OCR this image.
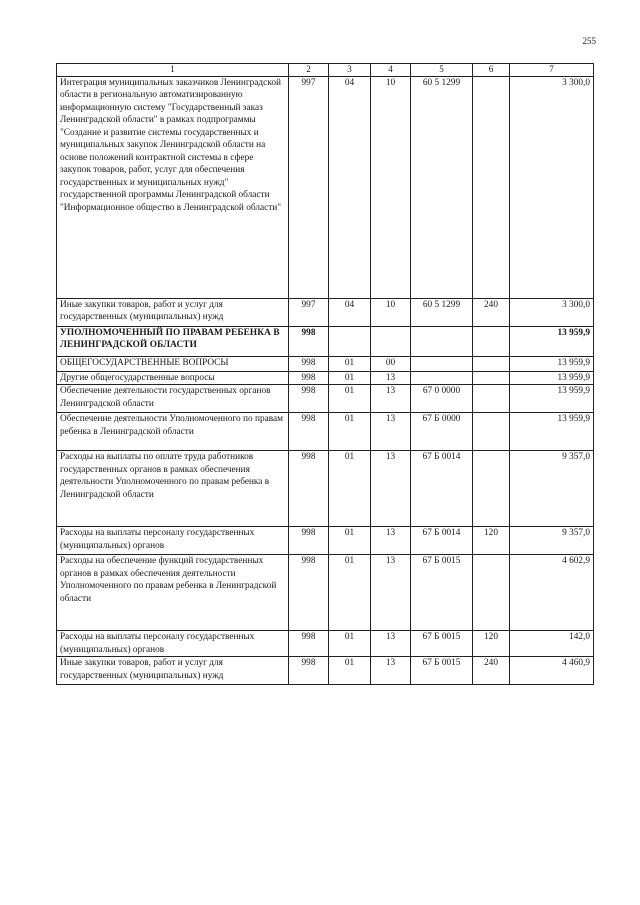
255
1	2	3	4	5	6	7
Интеграция муниципальных заказчиков Ленинградской области в региональную автоматизированную информационную систему "Государственный заказ Ленинградской области" в рамках подпрограммы "Создание и развитие системы государственных и муниципальных закупок Ленинградской области на основе положений контрактной системы в сфере закупок товаров, работ, услуг для обеспечения государственных и муниципальных нужд" государственной программы Ленинградской области "Информационное общество в Ленинградской области"	997	04	10	60 5 1299		3 300,0
Иные закупки товаров, работ и услуг для государственных (муниципальных) нужд	997	04	10	60 5 1299	240	3 300,0
УПОЛНОМОЧЕННЫЙ ПО ПРАВАМ РЕБЕНКА В ЛЕНИНГРАДСКОЙ ОБЛАСТИ	998					13 959,9
ОБЩЕГОСУДАРСТВЕННЫЕ ВОПРОСЫ	998	01	00			13 959,9
Другие общегосударственные вопросы	998	01	13			13 959,9
Обеспечение деятельности государственных органов Ленинградской области	998	01	13	67 0 0000		13 959,9
Обеспечение деятельности Уполномоченного по правам ребенка в Ленинградской области	998	01	13	67 Б 0000		13 959,9
Расходы на выплаты по оплате труда работников государственных органов в рамках обеспечения деятельности Уполномоченного по правам ребенка в Ленинградской области	998	01	13	67 Б 0014		9 357,0
Расходы на выплаты персоналу государственных (муниципальных) органов	998	01	13	67 Б 0014	120	9 357,0
Расходы на обеспечение функций государственных органов в рамках обеспечения деятельности Уполномоченного по правам ребенка в Ленинградской области	998	01	13	67 Б 0015		4 602,9
Расходы на выплаты персоналу государственных (муниципальных) органов	998	01	13	67 Б 0015	120	142,0
Иные закупки товаров, работ и услуг для государственных (муниципальных) нужд	998	01	13	67 Б 0015	240	4 460,9
